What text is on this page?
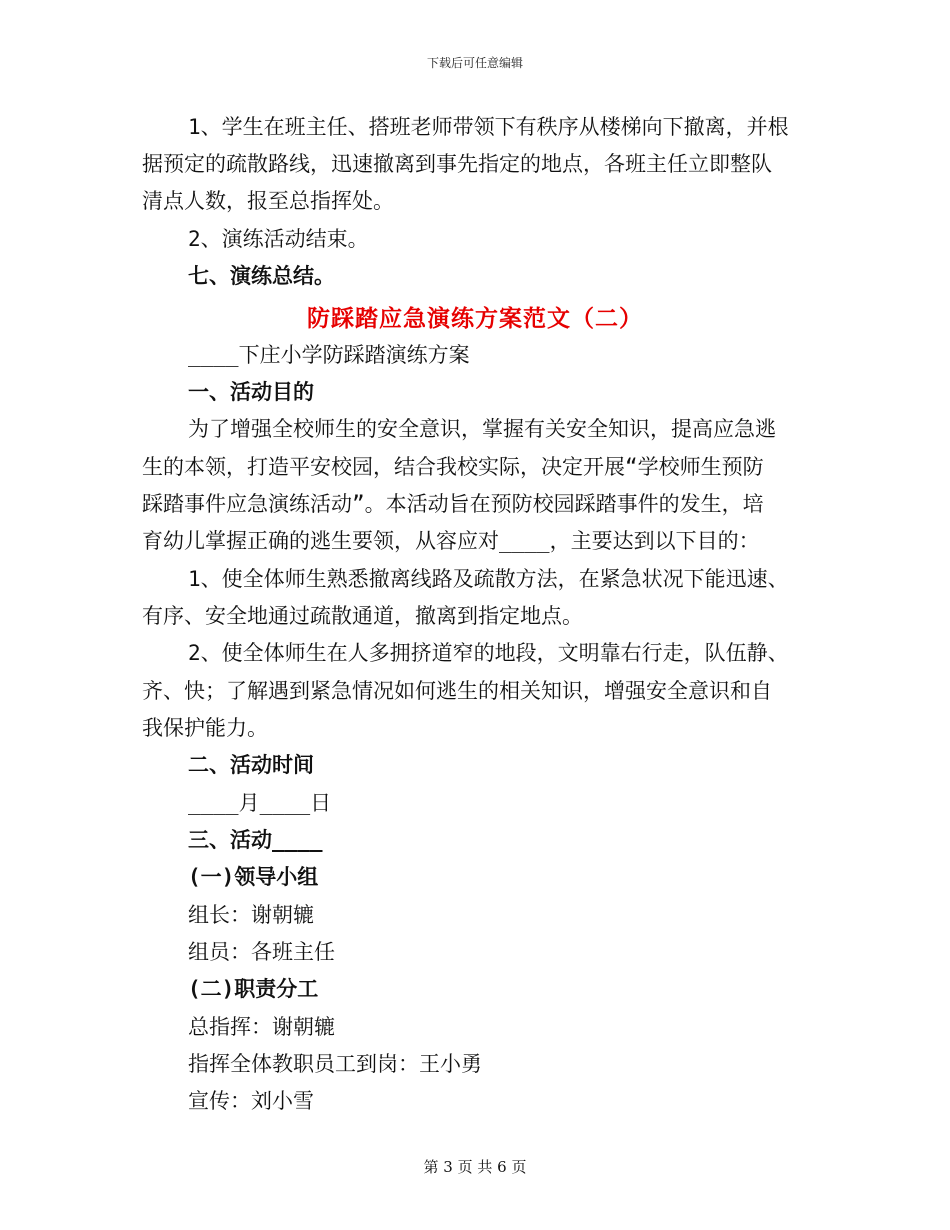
下载后可任意编辑
1、学生在班主任、搭班老师带领下有秩序从楼梯向下撤离，并根
据预定的疏散路线，迅速撤离到事先指定的地点，各班主任立即整队
清点人数，报至总指挥处。
2、演练活动结束。
七、演练总结。
防踩踏应急演练方案范文（二）
____下庄小学防踩踏演练方案
一、活动目的
为了增强全校师生的安全意识，掌握有关安全知识，提高应急逃
生的本领，打造平安校园，结合我校实际，决定开展“学校师生预防
踩踏事件应急演练活动”。本活动旨在预防校园踩踏事件的发生，培
育幼儿掌握正确的逃生要领，从容应对____，主要达到以下目的：
1、使全体师生熟悉撤离线路及疏散方法，在紧急状况下能迅速、
有序、安全地通过疏散通道，撤离到指定地点。
2、使全体师生在人多拥挤道窄的地段，文明靠右行走，队伍静、
齐、快；了解遇到紧急情况如何逃生的相关知识，增强安全意识和自
我保护能力。
二、活动时间
____月____日
三、活动____
(一)领导小组
组长：谢朝辘
组员：各班主任
(二)职责分工
总指挥：谢朝辘
指挥全体教职员工到岗：王小勇
宣传：刘小雪
第 3 页 共 6 页
